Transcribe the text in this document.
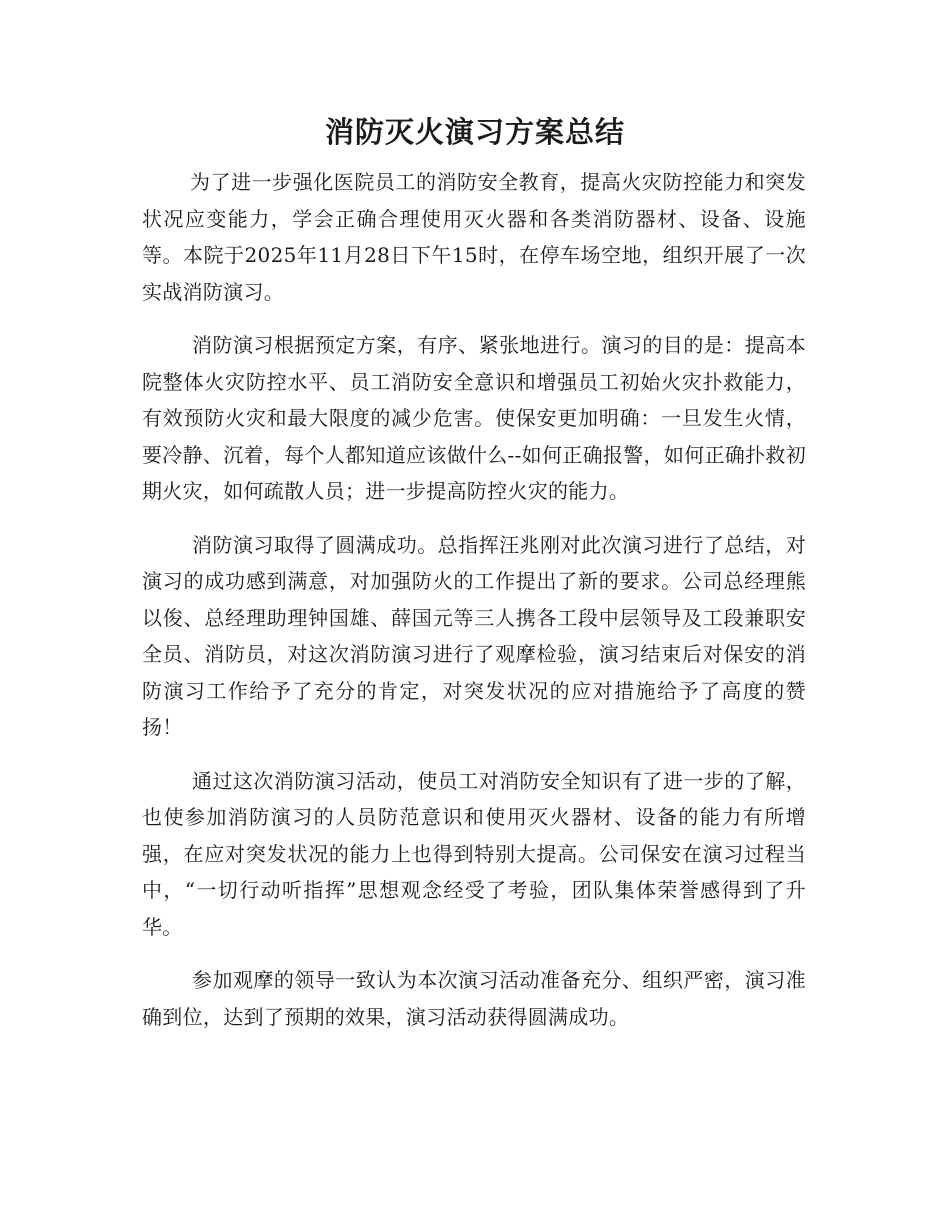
消防灭火演习方案总结

为了进一步强化医院员工的消防安全教育，提高火灾防控能力和突发状况应变能力，学会正确合理使用灭火器和各类消防器材、设备、设施等。本院于2025年11月28日下午15时，在停车场空地，组织开展了一次实战消防演习。

消防演习根据预定方案，有序、紧张地进行。演习的目的是：提高本院整体火灾防控水平、员工消防安全意识和增强员工初始火灾扑救能力，有效预防火灾和最大限度的减少危害。使保安更加明确：一旦发生火情，要冷静、沉着，每个人都知道应该做什么--如何正确报警，如何正确扑救初期火灾，如何疏散人员；进一步提高防控火灾的能力。

消防演习取得了圆满成功。总指挥汪兆刚对此次演习进行了总结，对演习的成功感到满意，对加强防火的工作提出了新的要求。公司总经理熊以俊、总经理助理钟国雄、薛国元等三人携各工段中层领导及工段兼职安全员、消防员，对这次消防演习进行了观摩检验，演习结束后对保安的消防演习工作给予了充分的肯定，对突发状况的应对措施给予了高度的赞扬！

通过这次消防演习活动，使员工对消防安全知识有了进一步的了解，也使参加消防演习的人员防范意识和使用灭火器材、设备的能力有所增强，在应对突发状况的能力上也得到特别大提高。公司保安在演习过程当中，“一切行动听指挥”思想观念经受了考验，团队集体荣誉感得到了升华。

参加观摩的领导一致认为本次演习活动准备充分、组织严密，演习准确到位，达到了预期的效果，演习活动获得圆满成功。
